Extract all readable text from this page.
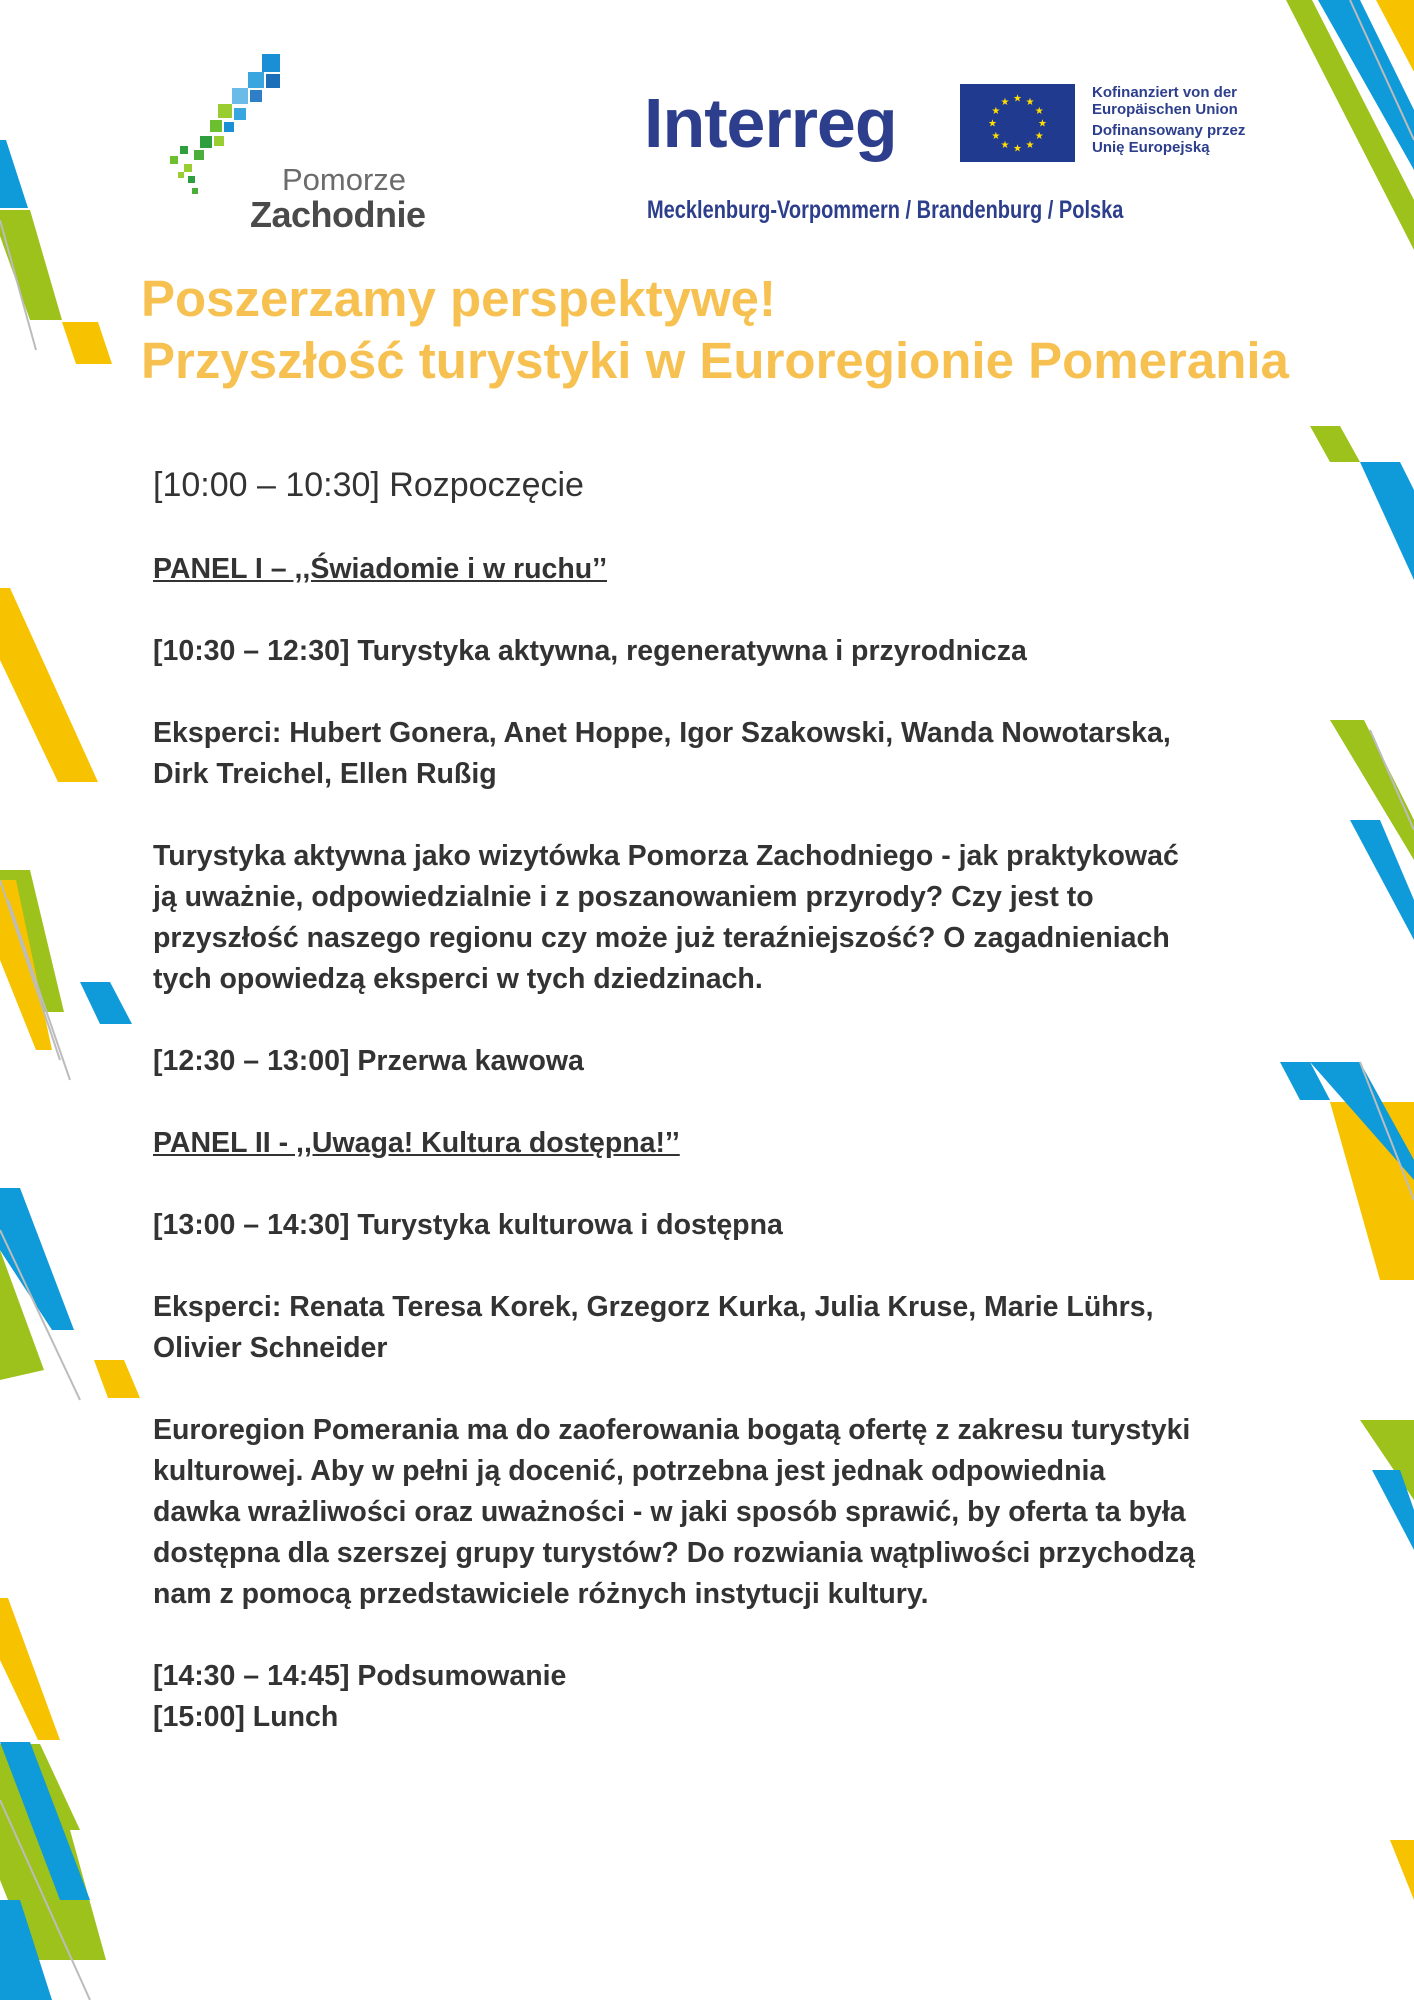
Pomorze
Zachodnie
Interreg
Mecklenburg-Vorpommern / Brandenburg / Polska
★ ★
★
★
★
★
★
★
★
★
★
★
Kofinanziert von der
Europäischen Union
Dofinansowany przez
Unię Europejską
Poszerzamy perspektywę!
Przyszłość turystyki w Euroregionie Pomerania

[10:00 – 10:30] Rozpoczęcie

PANEL I – ,,Świadomie i w ruchu’’

[10:30 – 12:30] Turystyka aktywna, regeneratywna i przyrodnicza

Eksperci: Hubert Gonera, Anet Hoppe, Igor Szakowski, Wanda Nowotarska,

Dirk Treichel, Ellen Rußig

Turystyka aktywna jako wizytówka Pomorza Zachodniego - jak praktykować

ją uważnie, odpowiedzialnie i z poszanowaniem przyrody? Czy jest to

przyszłość naszego regionu czy może już teraźniejszość? O zagadnieniach

tych opowiedzą eksperci w tych dziedzinach.

[12:30 – 13:00] Przerwa kawowa

PANEL II - ,,Uwaga! Kultura dostępna!’’

[13:00 – 14:30] Turystyka kulturowa i dostępna

Eksperci: Renata Teresa Korek, Grzegorz Kurka, Julia Kruse, Marie Lührs,

Olivier Schneider

Euroregion Pomerania ma do zaoferowania bogatą ofertę z zakresu turystyki

kulturowej. Aby w pełni ją docenić, potrzebna jest jednak odpowiednia

dawka wrażliwości oraz uważności - w jaki sposób sprawić, by oferta ta była

dostępna dla szerszej grupy turystów? Do rozwiania wątpliwości przychodzą

nam z pomocą przedstawiciele różnych instytucji kultury.

[14:30 – 14:45] Podsumowanie

[15:00] Lunch
